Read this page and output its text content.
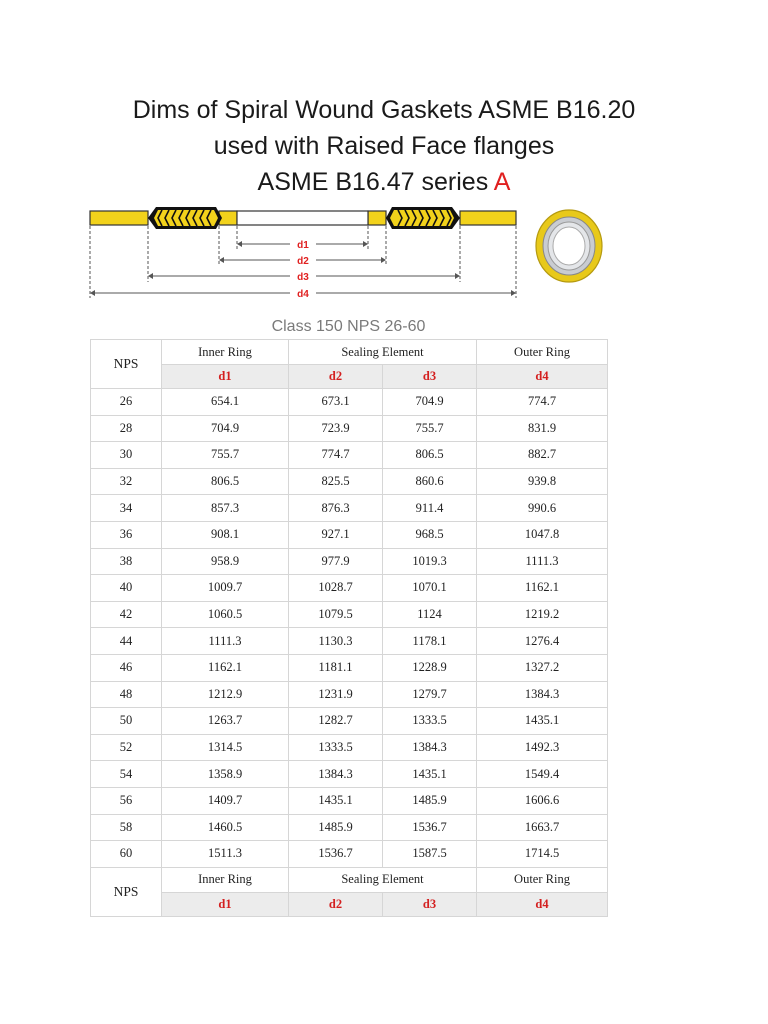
Dims of Spiral Wound Gaskets ASME B16.20
used with Raised Face flanges
ASME B16.47 series A
d1
d2
d3
d4
Class 150 NPS 26-60
NPS	Inner Ring	Sealing Element		Outer Ring
	d1	d2	d3	d4
26	654.1	673.1	704.9	774.7
28	704.9	723.9	755.7	831.9
30	755.7	774.7	806.5	882.7
32	806.5	825.5	860.6	939.8
34	857.3	876.3	911.4	990.6
36	908.1	927.1	968.5	1047.8
38	958.9	977.9	1019.3	1111.3
40	1009.7	1028.7	1070.1	1162.1
42	1060.5	1079.5	1124	1219.2
44	1111.3	1130.3	1178.1	1276.4
46	1162.1	1181.1	1228.9	1327.2
48	1212.9	1231.9	1279.7	1384.3
50	1263.7	1282.7	1333.5	1435.1
52	1314.5	1333.5	1384.3	1492.3
54	1358.9	1384.3	1435.1	1549.4
56	1409.7	1435.1	1485.9	1606.6
58	1460.5	1485.9	1536.7	1663.7
60	1511.3	1536.7	1587.5	1714.5
NPS	Inner Ring	Sealing Element		Outer Ring
	d1	d2	d3	d4
